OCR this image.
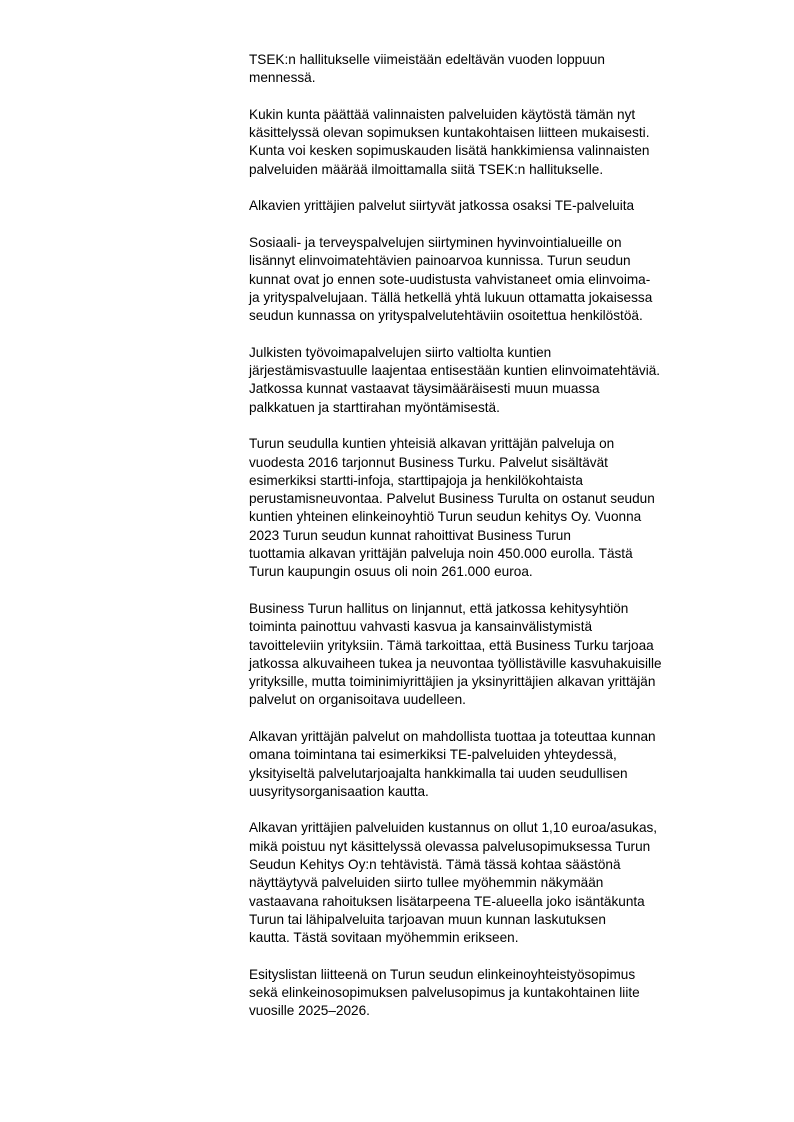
TSEK:n hallitukselle viimeistään edeltävän vuoden loppuun
mennessä.

Kukin kunta päättää valinnaisten palveluiden käytöstä tämän nyt
käsittelyssä olevan sopimuksen kuntakohtaisen liitteen mukaisesti.
Kunta voi kesken sopimuskauden lisätä hankkimiensa valinnaisten
palveluiden määrää ilmoittamalla siitä TSEK:n hallitukselle.

Alkavien yrittäjien palvelut siirtyvät jatkossa osaksi TE-palveluita

Sosiaali- ja terveyspalvelujen siirtyminen hyvinvointialueille on
lisännyt elinvoimatehtävien painoarvoa kunnissa. Turun seudun
kunnat ovat jo ennen sote-uudistusta vahvistaneet omia elinvoima-
ja yrityspalvelujaan. Tällä hetkellä yhtä lukuun ottamatta jokaisessa
seudun kunnassa on yrityspalvelutehtäviin osoitettua henkilöstöä.

Julkisten työvoimapalvelujen siirto valtiolta kuntien
järjestämisvastuulle laajentaa entisestään kuntien elinvoimatehtäviä.
Jatkossa kunnat vastaavat täysimääräisesti muun muassa
palkkatuen ja starttirahan myöntämisestä.

Turun seudulla kuntien yhteisiä alkavan yrittäjän palveluja on
vuodesta 2016 tarjonnut Business Turku. Palvelut sisältävät
esimerkiksi startti-infoja, starttipajoja ja henkilökohtaista
perustamisneuvontaa. Palvelut Business Turulta on ostanut seudun
kuntien yhteinen elinkeinoyhtiö Turun seudun kehitys Oy. Vuonna
2023 Turun seudun kunnat rahoittivat Business Turun
tuottamia alkavan yrittäjän palveluja noin 450.000 eurolla. Tästä
Turun kaupungin osuus oli noin 261.000 euroa.

Business Turun hallitus on linjannut, että jatkossa kehitysyhtiön
toiminta painottuu vahvasti kasvua ja kansainvälistymistä
tavoitteleviin yrityksiin. Tämä tarkoittaa, että Business Turku tarjoaa
jatkossa alkuvaiheen tukea ja neuvontaa työllistäville kasvuhakuisille
yrityksille, mutta toiminimiyrittäjien ja yksinyrittäjien alkavan yrittäjän
palvelut on organisoitava uudelleen.

Alkavan yrittäjän palvelut on mahdollista tuottaa ja toteuttaa kunnan
omana toimintana tai esimerkiksi TE-palveluiden yhteydessä,
yksityiseltä palvelutarjoajalta hankkimalla tai uuden seudullisen
uusyritysorganisaation kautta.

Alkavan yrittäjien palveluiden kustannus on ollut 1,10 euroa/asukas,
mikä poistuu nyt käsittelyssä olevassa palvelusopimuksessa Turun
Seudun Kehitys Oy:n tehtävistä. Tämä tässä kohtaa säästönä
näyttäytyvä palveluiden siirto tullee myöhemmin näkymään
vastaavana rahoituksen lisätarpeena TE-alueella joko isäntäkunta
Turun tai lähipalveluita tarjoavan muun kunnan laskutuksen
kautta. Tästä sovitaan myöhemmin erikseen.

Esityslistan liitteenä on Turun seudun elinkeinoyhteistyösopimus
sekä elinkeinosopimuksen palvelusopimus ja kuntakohtainen liite
vuosille 2025–2026.
